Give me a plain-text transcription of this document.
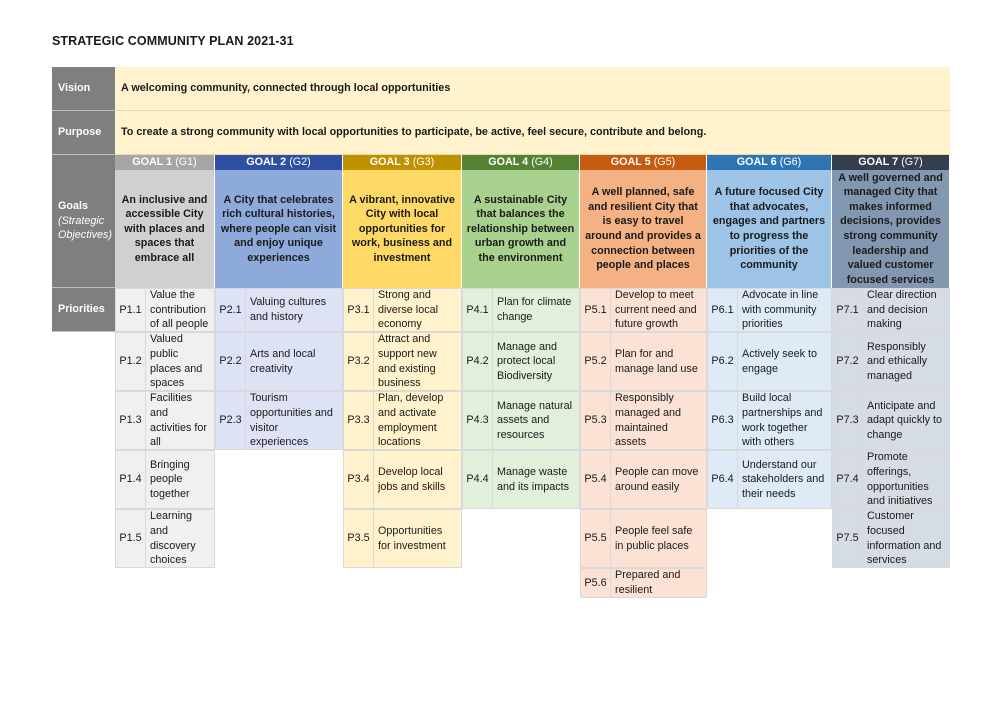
STRATEGIC COMMUNITY PLAN 2021-31
Vision	A welcoming community, connected through local opportunities
Purpose	To create a strong community with local opportunities to participate, be active, feel secure, contribute and belong.
Goals
(Strategic Objectives)
Priorities
GOAL 1 (G1)
An inclusive and accessible City with places and spaces that embrace all
P1.1
Value the contribution of all people
P1.2
Valued public places and spaces
P1.3
Facilities and activities for all
P1.4
Bringing people together
P1.5
Learning and discovery choices
GOAL 2 (G2)
A City that celebrates rich cultural histories, where people can visit and enjoy unique experiences
P2.1
Valuing cultures and history
P2.2
Arts and local creativity
P2.3
Tourism opportunities and visitor experiences
GOAL 3 (G3)
A vibrant, innovative City with local opportunities for work, business and investment
P3.1
Strong and diverse local economy
P3.2
Attract and support new and existing business
P3.3
Plan, develop and activate employment locations
P3.4
Develop local jobs and skills
P3.5
Opportunities for investment
GOAL 4 (G4)
A sustainable City that balances the relationship between urban growth and the environment
P4.1
Plan for climate change
P4.2
Manage and protect local Biodiversity
P4.3
Manage natural assets and resources
P4.4
Manage waste and its impacts
GOAL 5 (G5)
A well planned, safe and resilient City that is easy to travel around and provides a connection between people and places
P5.1
Develop to meet current need and future growth
P5.2
Plan for and manage land use
P5.3
Responsibly managed and maintained assets
P5.4
People can move around easily
P5.5
People feel safe in public places
P5.6
Prepared and resilient
GOAL 6 (G6)
A future focused City that advocates, engages and partners to progress the priorities of the community
P6.1
Advocate in line with community priorities
P6.2
Actively seek to engage
P6.3
Build local partnerships and work together with others
P6.4
Understand our stakeholders and their needs
GOAL 7 (G7)
A well governed and managed City that makes informed decisions, provides strong community leadership and valued customer focused services
P7.1
Clear direction and decision making
P7.2
Responsibly and ethically managed
P7.3
Anticipate and adapt quickly to change
P7.4
Promote offerings, opportunities and initiatives
P7.5
Customer focused information and services
